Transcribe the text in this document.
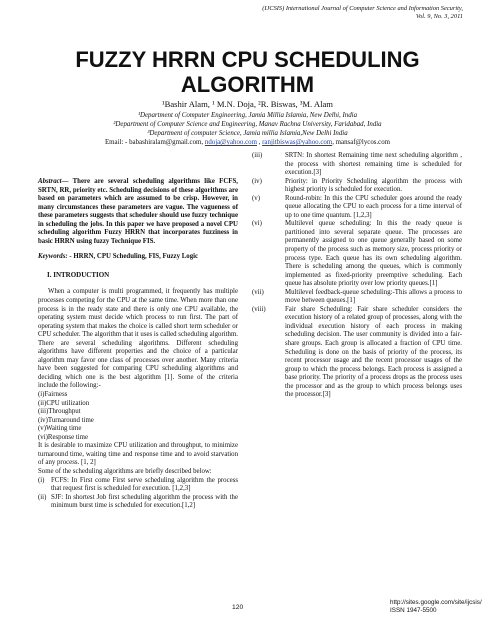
(IJCSIS) International Journal of Computer Science and Information Security,
Vol. 9, No. 3, 2011
FUZZY HRRN CPU SCHEDULING
ALGORITHM
¹Bashir Alam, ¹ M.N. Doja, ²R. Biswas, ³M. Alam
¹Department of Computer Engineering, Jamia Millia Islamia, New Delhi, India
²Department of Computer Science and Engineering, Manav Rachna University, Faridabad, India
³Department of computer Science, Jamia millia Islamia,New Delhi India
Email: - babashiralam@gmail.com, ndoja@yahoo.com , ranjitbiswas@yahoo.com, mansaf@lycos.com

Abstract— There are several scheduling algorithms like FCFS, SRTN, RR, priority etc. Scheduling decisions of these algorithms are based on parameters which are assumed to be crisp. However, in many circumstances these parameters are vague. The vagueness of these parameters suggests that scheduler should use fuzzy technique in scheduling the jobs. In this paper we have proposed a novel CPU scheduling algorithm Fuzzy HRRN that incorporates fuzziness in basic HRRN using fuzzy Technique FIS.

Keywords: - HRRN, CPU Scheduling, FIS, Fuzzy Logic

I. INTRODUCTION

When a computer is multi programmed, it frequently has multiple processes competing for the CPU at the same time. When more than one process is in the ready state and there is only one CPU available, the operating system must decide which process to run first. The part of operating system that makes the choice is called short term scheduler or CPU scheduler. The algorithm that it uses is called scheduling algorithm. There are several scheduling algorithms. Different scheduling algorithms have different properties and the choice of a particular algorithm may favor one class of processes over another. Many criteria have been suggested for comparing CPU scheduling algorithms and deciding which one is the best algorithm [1]. Some of the criteria include the following:-

(i)Fairness
(ii)CPU utilization
(iii)Throughput
(iv)Turnaround time
(v)Waiting time
(vi)Response time

It is desirable to maximize CPU utilization and throughput, to minimize turnaround time, waiting time and response time and to avoid starvation of any process. [1, 2]

Some of the scheduling algorithms are briefly described below:

(i) FCFS: In First come First serve scheduling algorithm the process that request first is scheduled for execution. [1,2,3]
(ii) SJF: In shortest Job first scheduling algorithm the process with the minimum burst time is scheduled for execution.[1,2]
(iii)	SRTN: In shortest Remaining time next scheduling algorithm , the process with shortest remaining time is scheduled for execution.[3]
(iv)	Priority: in Priority Scheduling algorithm the process with highest priority is scheduled for execution.
(v)	Round-robin: In this the CPU scheduler goes around the ready queue allocating the CPU to each process for a time interval of up to one time quantum. [1,2,3]
(vi)	Multilevel queue scheduling: In this the ready queue is partitioned into several separate queue. The processes are permanently assigned to one queue generally based on some property of the process such as memory size, process priority or process type. Each queue has its own scheduling algorithm. There is scheduling among the queues, which is commonly implemented as fixed-priority preemptive scheduling. Each queue has absolute priority over low priority queues.[1]
(vii)	Multilevel feedback-queue scheduling:-This allows a process to move between queues.[1]
(viii)	Fair share Scheduling: Fair share scheduler considers the execution history of a related group of processes, along with the individual execution history of each process in making scheduling decision. The user community is divided into a fair- share groups. Each group is allocated a fraction of CPU time. Scheduling is done on the basis of priority of the process, its recent processor usage and the recent processor usages of the group to which the process belongs. Each process is assigned a base priority. The priority of a process drops as the process uses the processor and as the group to which process belongs uses the processor.[3]
120
http://sites.google.com/site/ijcsis/
ISSN 1947-5500
